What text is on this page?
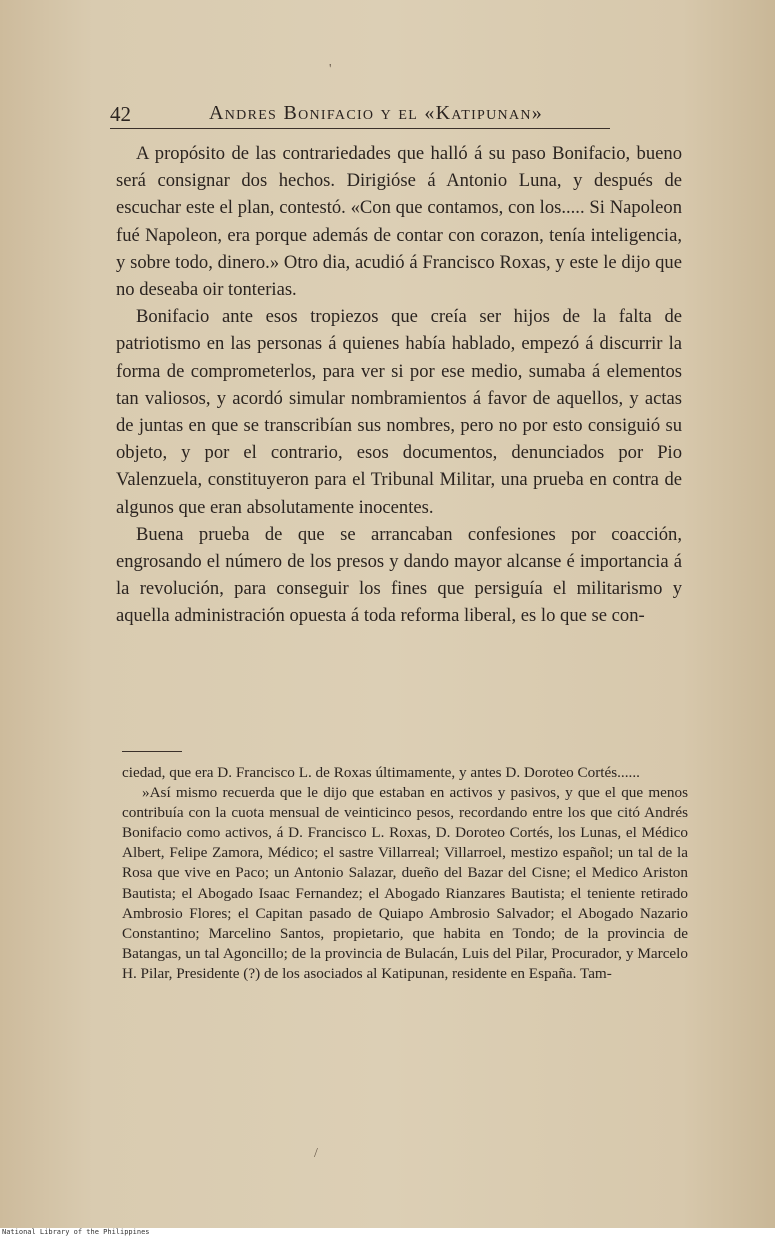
'
/
42	Andres Bonifacio y el «Katipunan»

A propósito de las contrariedades que halló á su paso Bonifacio, bueno será consignar dos hechos. Dirigióse á Antonio Luna, y después de escuchar este el plan, contestó. «Con que contamos, con los..... Si Napoleon fué Napoleon, era porque además de contar con corazon, tenía inteligencia, y sobre todo, dinero.» Otro dia, acudió á Francisco Roxas, y este le dijo que no deseaba oir tonterias.

Bonifacio ante esos tropiezos que creía ser hijos de la falta de patriotismo en las personas á quienes había hablado, empezó á discurrir la forma de comprometerlos, para ver si por ese medio, sumaba á elementos tan valiosos, y acordó simular nombramientos á favor de aquellos, y actas de juntas en que se transcribían sus nombres, pero no por esto consiguió su objeto, y por el contrario, esos documentos, denunciados por Pio Valenzuela, constituyeron para el Tribunal Militar, una prueba en contra de algunos que eran absolutamente inocentes.

Buena prueba de que se arrancaban confesiones por coacción, engrosando el número de los presos y dando mayor alcanse é importancia á la revolución, para conseguir los fines que persiguía el militarismo y aquella administración opuesta á toda reforma liberal, es lo que se con-

ciedad, que era D. Francisco L. de Roxas últimamente, y antes D. Doroteo Cortés......

»Así mismo recuerda que le dijo que estaban en activos y pasivos, y que el que menos contribuía con la cuota mensual de veinticinco pesos, recordando entre los que citó Andrés Bonifacio como activos, á D. Francisco L. Roxas, D. Doroteo Cortés, los Lunas, el Médico Albert, Felipe Zamora, Médico; el sastre Villarreal; Villarroel, mestizo español; un tal de la Rosa que vive en Paco; un Antonio Salazar, dueño del Bazar del Cisne; el Medico Ariston Bautista; el Abogado Isaac Fernandez; el Abogado Rianzares Bautista; el teniente retirado Ambrosio Flores; el Capitan pasado de Quiapo Ambrosio Salvador; el Abogado Nazario Constantino; Marcelino Santos, propietario, que habita en Tondo; de la provincia de Batangas, un tal Agoncillo; de la provincia de Bulacán, Luis del Pilar, Procurador, y Marcelo H. Pilar, Presidente (?) de los asociados al Katipunan, residente en España. Tam-

National Library of the Philippines
